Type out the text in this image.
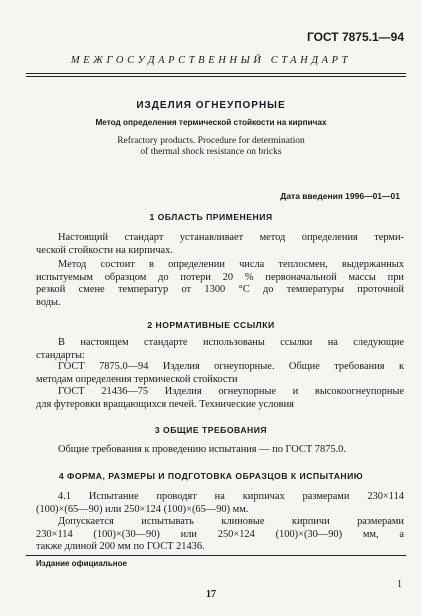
ГОСТ 7875.1—94
МЕЖГОСУДАРСТВЕННЫЙ СТАНДАРТ
ИЗДЕЛИЯ ОГНЕУПОРНЫЕ
Метод определения термической стойкости на кирпичах
Refractory products. Procedure for determination
of thermal shock resistance on bricks
Дата введения 1996—01—01
1 ОБЛАСТЬ ПРИМЕНЕНИЯ
Настоящий стандарт устанавливает метод определения терми-
ческой стойкости на кирпичах.
Метод состоит в определении числа теплосмен, выдержанных
испытуемым образцом до потери 20 % первоначальной массы при
резкой смене температур от 1300 °С до температуры проточной
воды.
2 НОРМАТИВНЫЕ ССЫЛКИ
В настоящем стандарте использованы ссылки на следующие
стандарты:
ГОСТ 7875.0—94 Изделия огнеупорные. Общие требования к
методам определения термической стойкости
ГОСТ 21436—75 Изделия огнеупорные и высокоогнеупорные
для футеровки вращающихся печей. Технические условия
3 ОБЩИЕ ТРЕБОВАНИЯ
Общие требования к проведению испытания — по ГОСТ 7875.0.
4 ФОРМА, РАЗМЕРЫ И ПОДГОТОВКА ОБРАЗЦОВ К ИСПЫТАНИЮ
4.1 Испытание проводят на кирпичах размерами 230×114
(100)×(65—90) или 250×124 (100)×(65—90) мм.
Допускается испытывать клиновые кирпичи размерами
230×114 (100)×(30—90) или 250×124 (100)×(30—90) мм, а
также длиной 200 мм по ГОСТ 21436.
Издание официальное
1
17
